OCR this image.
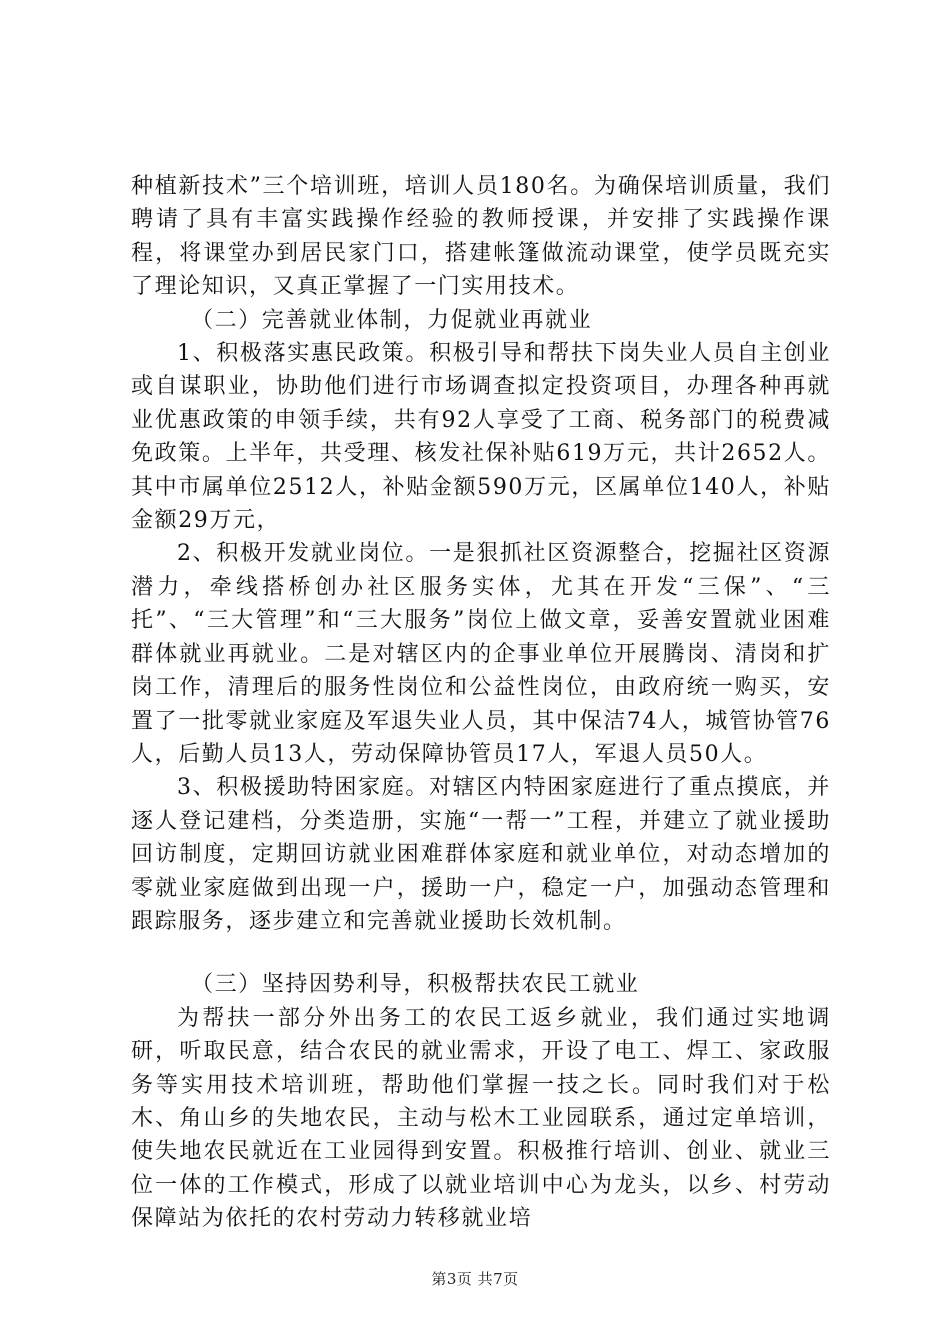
种植新技术”三个培训班，培训人员180名。为确保培训质量，我们聘请了具有丰富实践操作经验的教师授课，并安排了实践操作课程，将课堂办到居民家门口，搭建帐篷做流动课堂，使学员既充实了理论知识，又真正掌握了一门实用技术。

（二）完善就业体制，力促就业再就业

1、积极落实惠民政策。积极引导和帮扶下岗失业人员自主创业或自谋职业，协助他们进行市场调查拟定投资项目，办理各种再就业优惠政策的申领手续，共有92人享受了工商、税务部门的税费减免政策。上半年，共受理、核发社保补贴619万元，共计2652人。其中市属单位2512人，补贴金额590万元，区属单位140人，补贴金额29万元，

2、积极开发就业岗位。一是狠抓社区资源整合，挖掘社区资源潜力，牵线搭桥创办社区服务实体，尤其在开发“三保”、“三托”、“三大管理”和“三大服务”岗位上做文章，妥善安置就业困难群体就业再就业。二是对辖区内的企事业单位开展腾岗、清岗和扩岗工作，清理后的服务性岗位和公益性岗位，由政府统一购买，安置了一批零就业家庭及军退失业人员，其中保洁74人，城管协管76人，后勤人员13人，劳动保障协管员17人，军退人员50人。

3、积极援助特困家庭。对辖区内特困家庭进行了重点摸底，并逐人登记建档，分类造册，实施“一帮一”工程，并建立了就业援助回访制度，定期回访就业困难群体家庭和就业单位，对动态增加的零就业家庭做到出现一户，援助一户，稳定一户，加强动态管理和跟踪服务，逐步建立和完善就业援助长效机制。

（三）坚持因势利导，积极帮扶农民工就业

为帮扶一部分外出务工的农民工返乡就业，我们通过实地调研，听取民意，结合农民的就业需求，开设了电工、焊工、家政服务等实用技术培训班，帮助他们掌握一技之长。同时我们对于松木、角山乡的失地农民，主动与松木工业园联系，通过定单培训，使失地农民就近在工业园得到安置。积极推行培训、创业、就业三位一体的工作模式，形成了以就业培训中心为龙头，以乡、村劳动保障站为依托的农村劳动力转移就业培

第3页 共7页
